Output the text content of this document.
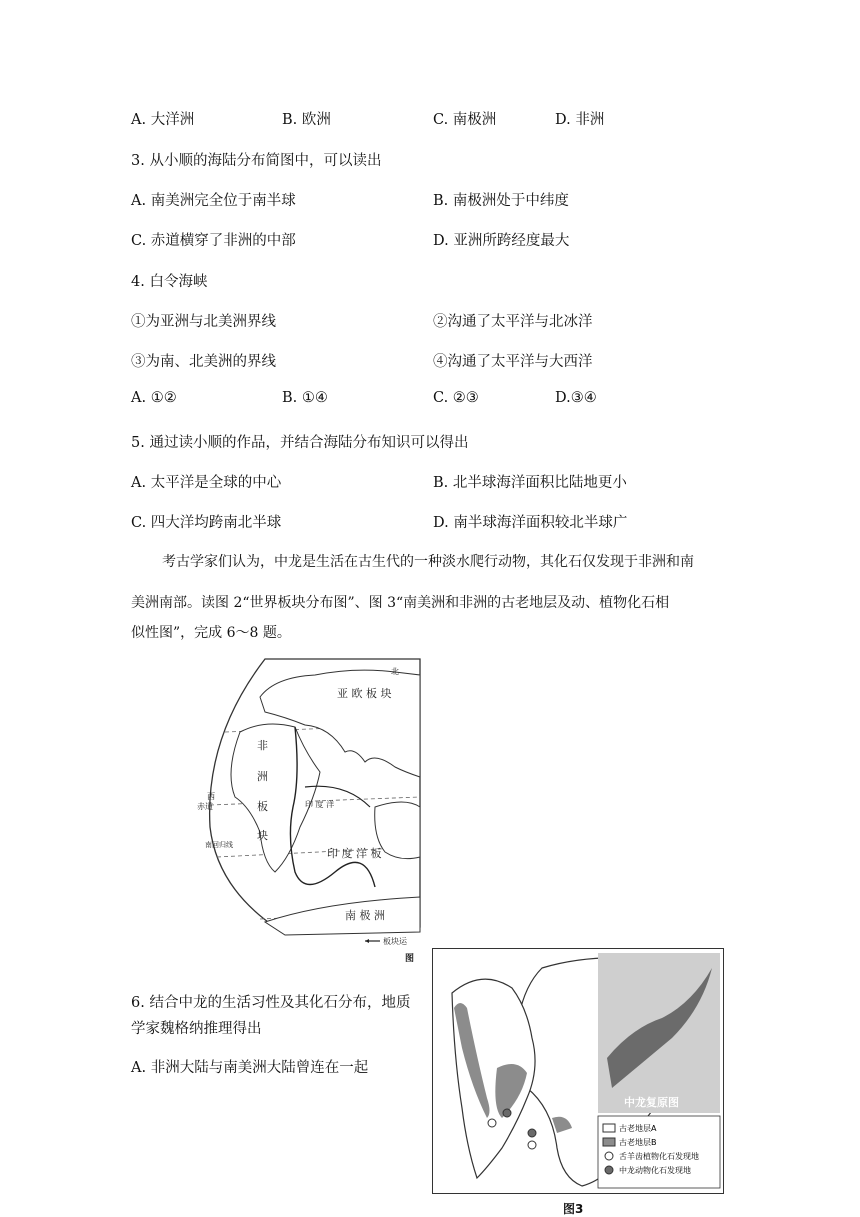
A. 大洋洲	B. 欧洲	C. 南极洲	D. 非洲
3. 从小顺的海陆分布简图中，可以读出
A. 南美洲完全位于南半球	B. 南极洲处于中纬度
C. 赤道横穿了非洲的中部	D. 亚洲所跨经度最大
4. 白令海峡
①为亚洲与北美洲界线	②沟通了太平洋与北冰洋
③为南、北美洲的界线	④沟通了太平洋与大西洋
A. ①②	B. ①④	C. ②③	D.③④
5. 通过读小顺的作品，并结合海陆分布知识可以得出
A. 太平洋是全球的中心	B. 北半球海洋面积比陆地更小
C. 四大洋均跨南北半球	D. 南半球海洋面积较北半球广
考古学家们认为，中龙是生活在古生代的一种淡水爬行动物，其化石仅发现于非洲和南
美洲南部。读图 2“世界板块分布图”、图 3“南美洲和非洲的古老地层及动、植物化石相
似性图”，完成 6～8 题。
亚 欧 板 块
北
非
洲
板
块
西
赤道	印 度 洋
印 度 洋 板
南回归线
南 极 洲
板块运
图
6. 结合中龙的生活习性及其化石分布，地质
学家魏格纳推理得出
A. 非洲大陆与南美洲大陆曾连在一起
中龙复原图
古老地层A
古老地层B
舌羊齿植物化石发现地
中龙动物化石发现地
图3
